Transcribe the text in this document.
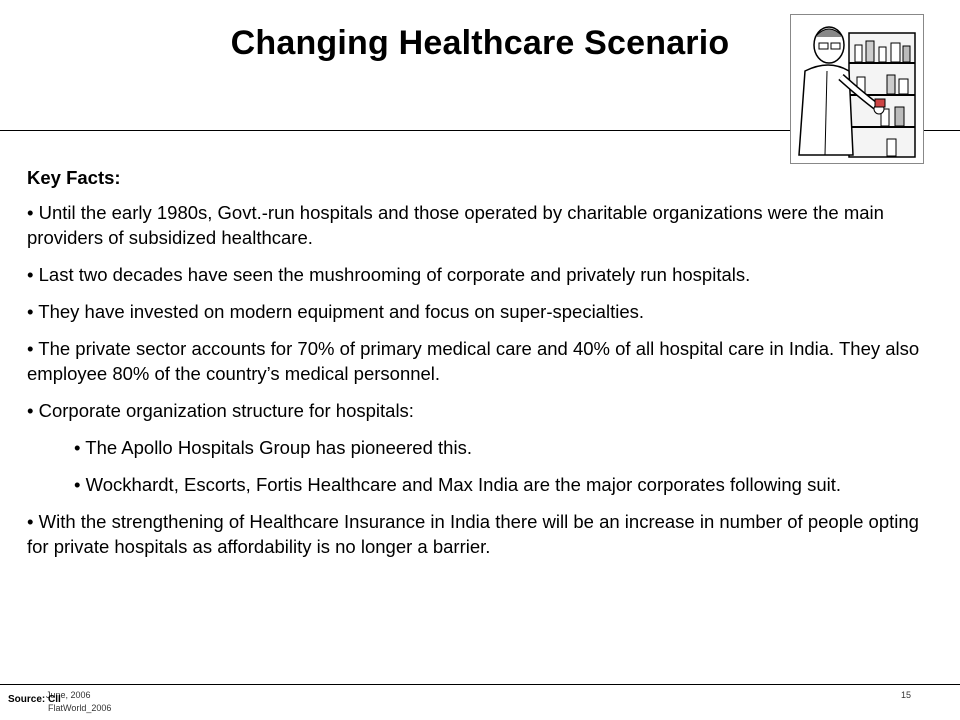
Changing Healthcare Scenario

Key Facts:

• Until the early 1980s, Govt.-run hospitals and those operated by charitable organizations were the main providers of subsidized healthcare.

• Last two decades have seen the mushrooming of corporate and privately run hospitals.

• They have invested on modern equipment and focus on super-specialties.

• The private sector accounts for 70% of primary medical care and 40% of all hospital care in India. They also employee 80% of the country’s medical personnel.

• Corporate organization structure for hospitals:

• The Apollo Hospitals Group has pioneered this.

• Wockhardt, Escorts, Fortis Healthcare and Max India are the major corporates following suit.

• With the strengthening of Healthcare Insurance in India there will be an increase in number of people opting for private hospitals as affordability is no longer a barrier.

June, 2006
Source: CII
FlatWorld_2006
15
